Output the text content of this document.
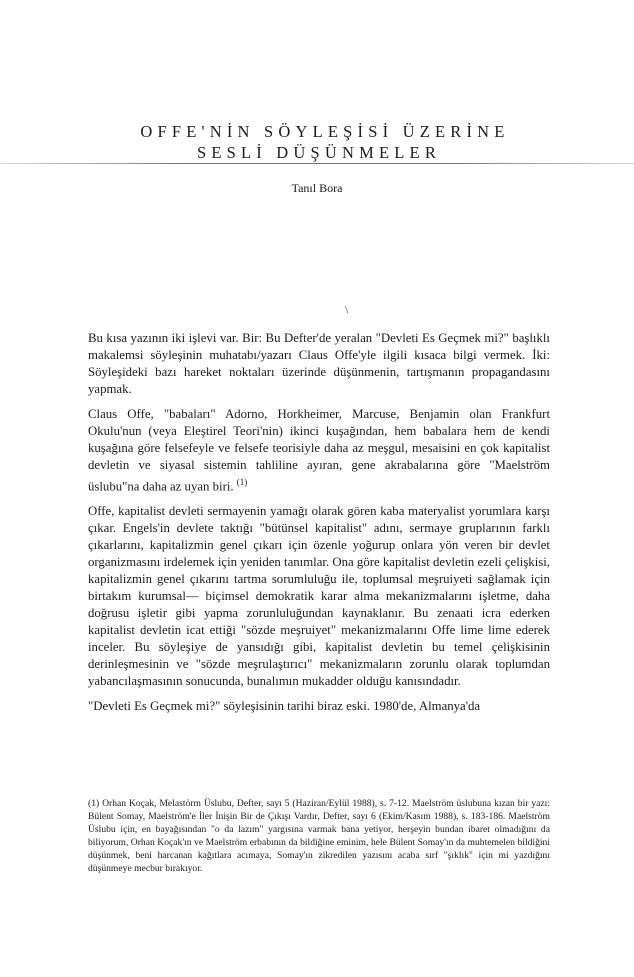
OFFE'NİN SÖYLEŞİSİ ÜZERİNE
SESLİ DÜŞÜNMELER

Tanıl Bora

\

Bu kısa yazının iki işlevi var. Bir: Bu Defter'de yeralan "Devleti Es Geçmek mi?" başlıklı makalemsi söyleşinin muhatabı/yazarı Claus Offe'yle ilgili kısaca bilgi vermek. İki: Söyleşideki bazı hareket noktaları üzerinde düşünmenin, tartışmanın propagandasını yapmak.

Claus Offe, "babaları" Adorno, Horkheimer, Marcuse, Benjamin olan Frankfurt Okulu'nun (veya Eleştirel Teori'nin) ikinci kuşağından, hem babalara hem de kendi kuşağına göre felsefeyle ve felsefe teorisiyle daha az meşgul, mesaisini en çok kapitalist devletin ve siyasal sistemin tahliline ayıran, gene akrabalarına göre "Maelström üslubu"na daha az uyan biri. $^{(1)}$

Offe, kapitalist devleti sermayenin yamağı olarak gören kaba materyalist yorumlara karşı çıkar. Engels'in devlete taktığı "bütünsel kapitalist" adını, sermaye gruplarının farklı çıkarlarını, kapitalizmin genel çıkarı için özenle yoğurup onlara yön veren bir devlet organizmasını irdelemek için yeniden tanımlar. Ona göre kapitalist devletin ezeli çelişkisi, kapitalizmin genel çıkarını tartma sorumluluğu ile, toplumsal meşruiyeti sağlamak için birtakım kurumsal— biçimsel demokratik karar alma mekanizmalarını işletme, daha doğrusu işletir gibi yapma zorunluluğundan kaynaklanır. Bu zenaati icra ederken kapitalist devletin icat ettiği "sözde meşruiyet" mekanizmalarını Offe lime lime ederek inceler. Bu söyleşiye de yansıdığı gibi, kapitalist devletin bu temel çelişkisinin derinleşmesinin ve "sözde meşrulaştırıcı" mekanizmaların zorunlu olarak toplumdan yabancılaşmasının sonucunda, bunalımın mukadder olduğu kanısındadır.

"Devleti Es Geçmek mi?" söyleşisinin tarihi biraz eski. 1980'de, Almanya'da

(1) Orhan Koçak, Melastörm Üslubu, Defter, sayı 5 (Haziran/Eylül 1988), s. 7-12. Maelström üslubuna kızan bir yazı: Bülent Somay, Maelström'e İler İnişin Bir de Çıkışı Vardır, Defter, sayı 6 (Ekim/Kasım 1988), s. 183-186. Maelström Üslubu için, en bayağısından "o da lazım" yargısına varmak bana yetiyor, herşeyin bundan ibaret olmadığını da biliyorum, Orhan Koçak'ın ve Maelström erbabının da bildiğine eminim, hele Bülent Somay'ın da muhtemelen bildiğini düşünmek, beni harcanan kağıtlara acımaya, Somay'ın zikredilen yazısını acaba sırf "şıklık" için mi yazdığını düşünmeye mecbur bırakıyor.
